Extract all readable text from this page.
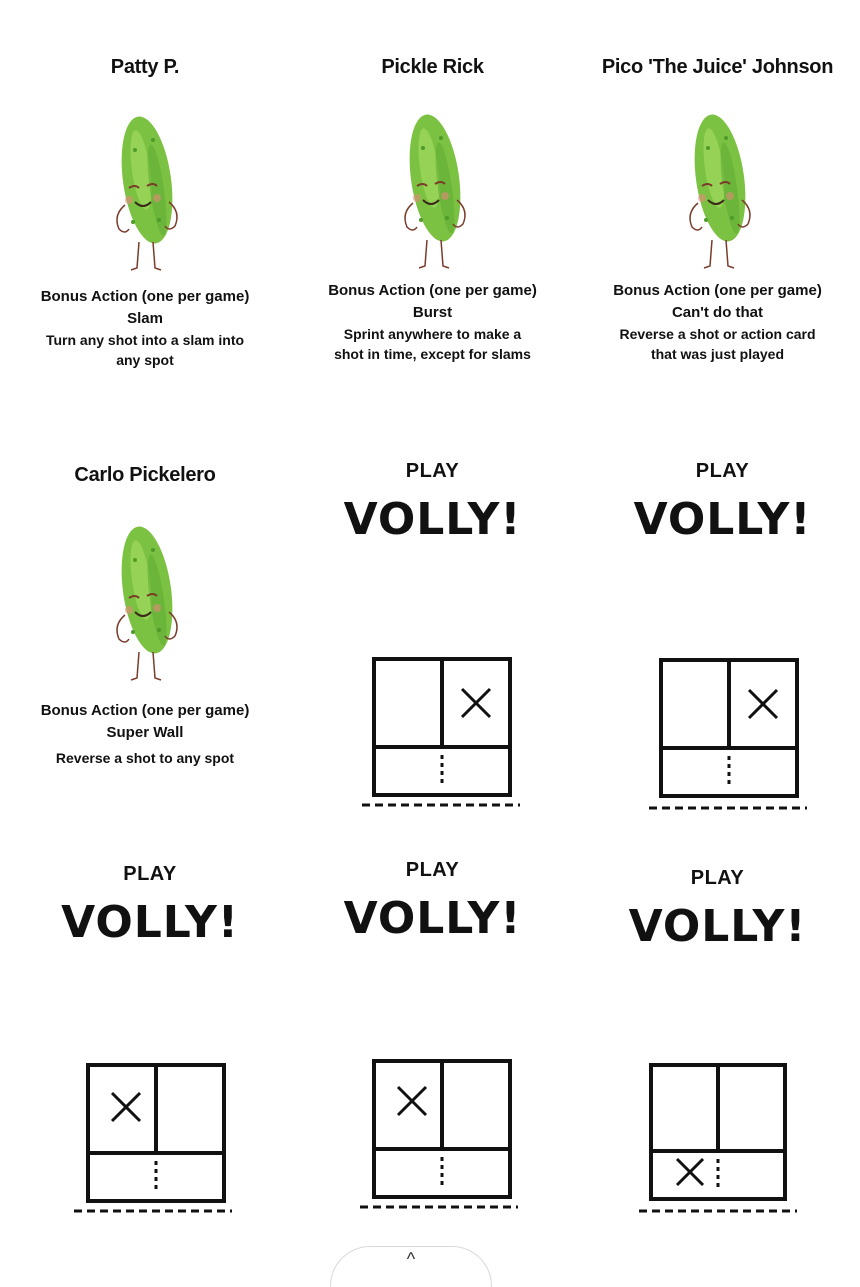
Patty P.
Bonus Action (one per game)
Slam
Turn any shot into a slam into any spot
Pickle Rick
Bonus Action (one per game)
Burst
Sprint anywhere to make a shot in time, except for slams
Pico 'The Juice' Johnson
Bonus Action (one per game)
Can't do that
Reverse a shot or action card that was just played
Carlo Pickelero
Bonus Action (one per game)
Super Wall
Reverse a shot to any spot
PLAY
VOLLY!
PLAY
VOLLY!
PLAY
VOLLY!
PLAY
VOLLY!
PLAY
VOLLY!
^
